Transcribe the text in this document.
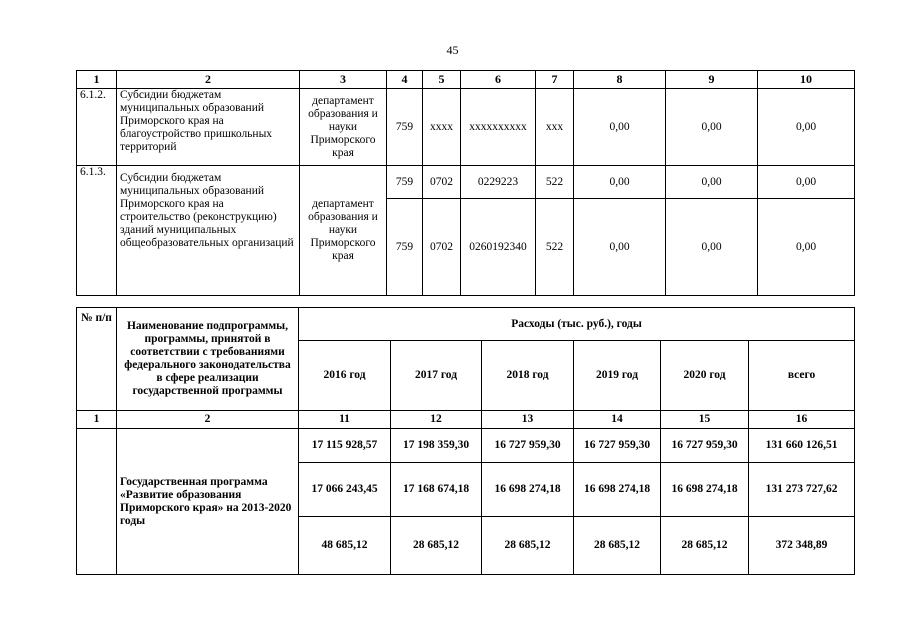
45
1	2	3	4	5	6	7	8	9	10
6.1.2.	Субсидии бюджетам муниципальных образований Приморского края на благоустройство пришкольных территорий	департамент образования и науки Приморского края	759	xxxx	xxxxxxxxxx	xxx	0,00	0,00	0,00
6.1.3.	Субсидии бюджетам муниципальных образований Приморского края на строительство (реконструкцию) зданий муниципальных общеобразовательных организаций	департамент образования и науки Приморского края	759	0702	0229223	522	0,00	0,00	0,00
			759	0702	0260192340	522	0,00	0,00	0,00
№ п/п	Наименование подпрограммы, программы, принятой в соответствии с требованиями федерального законодательства в сфере реализации государственной программы	Расходы (тыс. руб.), годы					
		2016 год	2017 год	2018 год	2019 год	2020 год	всего
1	2	11	12	13	14	15	16
	Государственная программа «Развитие образования Приморского края» на 2013-2020 годы	17 115 928,57	17 198 359,30	16 727 959,30	16 727 959,30	16 727 959,30	131 660 126,51
		17 066 243,45	17 168 674,18	16 698 274,18	16 698 274,18	16 698 274,18	131 273 727,62
		48 685,12	28 685,12	28 685,12	28 685,12	28 685,12	372 348,89
